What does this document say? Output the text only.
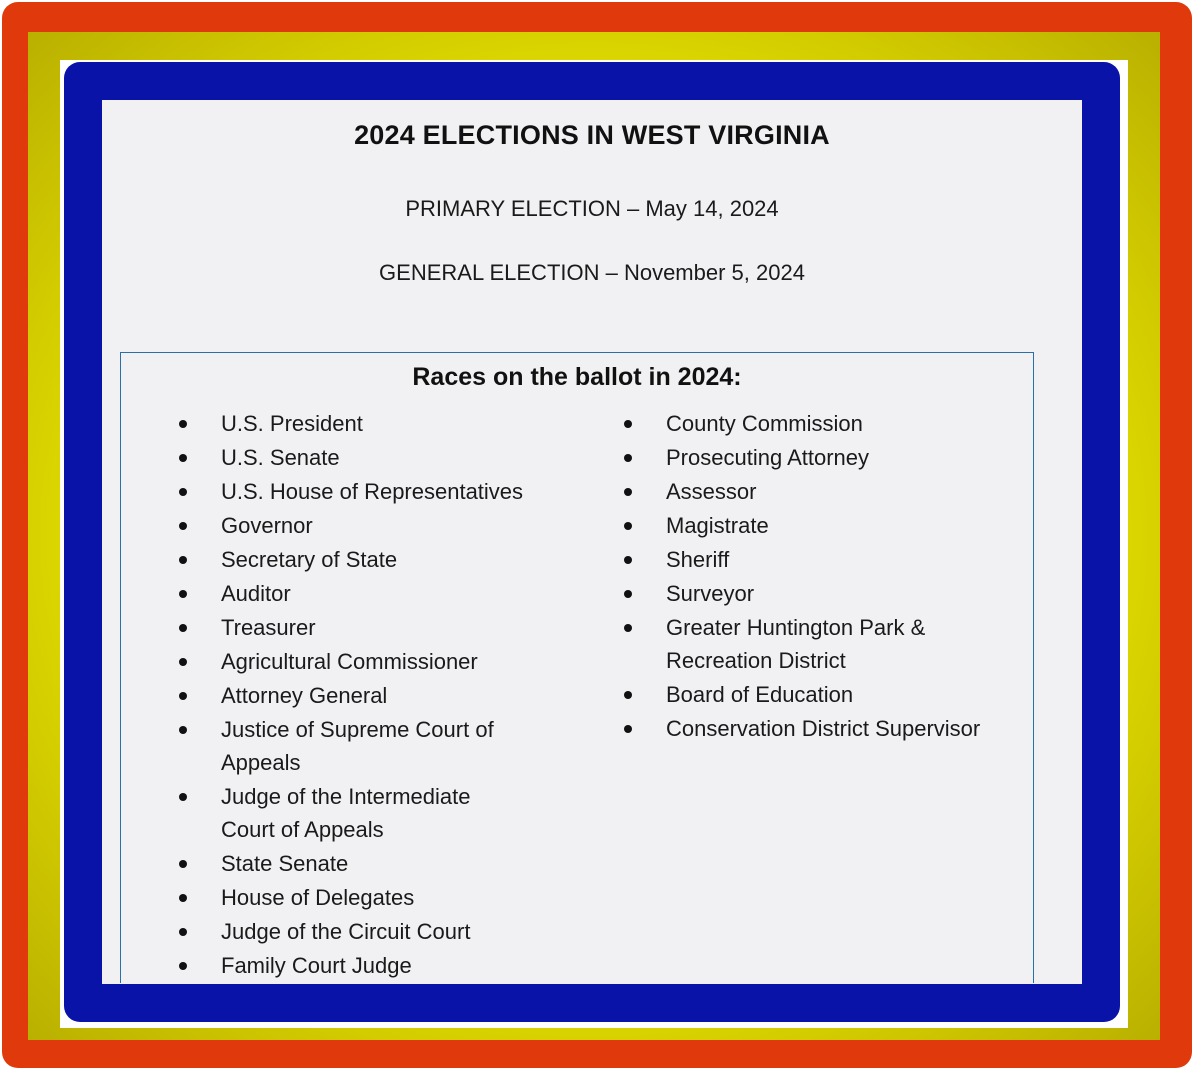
2024 ELECTIONS IN WEST VIRGINIA
PRIMARY ELECTION – May 14, 2024
GENERAL ELECTION – November 5, 2024
Races on the ballot in 2024:
U.S. President
U.S. Senate
U.S. House of Representatives
Governor
Secretary of State
Auditor
Treasurer
Agricultural Commissioner
Attorney General
Justice of Supreme Court of Appeals
Judge of the Intermediate Court of Appeals
State Senate
House of Delegates
Judge of the Circuit Court
Family Court Judge
County Commission
Prosecuting Attorney
Assessor
Magistrate
Sheriff
Surveyor
Greater Huntington Park & Recreation District
Board of Education
Conservation District Supervisor
